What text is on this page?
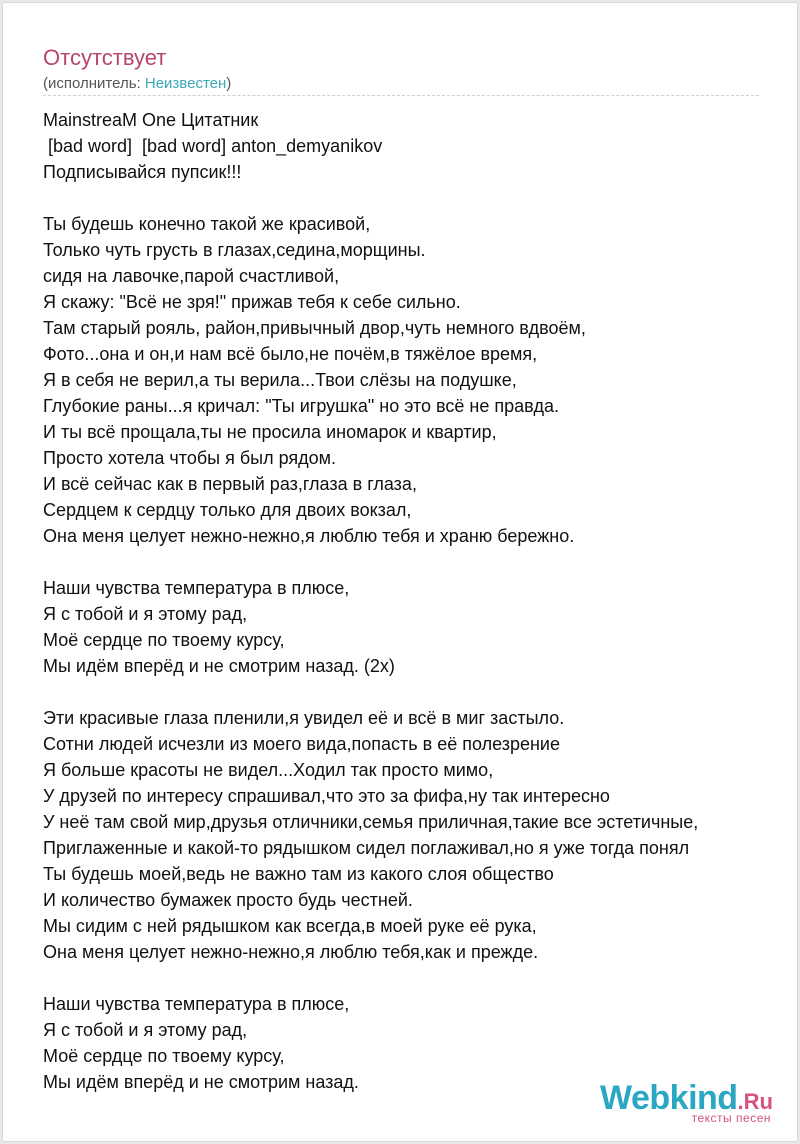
Отсутствует
(исполнитель: Неизвестен)
MainstreaM One Цитатник
[bad word]  [bad word] anton_demyanikov
Подписывайся пупсик!!!
Ты будешь конечно такой же красивой,
Только чуть грусть в глазах,седина,морщины.
сидя на лавочке,парой счастливой,
Я скажу: "Всё не зря!" прижав тебя к себе сильно.
Там старый рояль, район,привычный двор,чуть немного вдвоём,
Фото...она и он,и нам всё было,не почём,в тяжёлое время,
Я в себя не верил,а ты верила...Твои слёзы на подушке,
Глубокие раны...я кричал: "Ты игрушка" но это всё не правда.
И ты всё прощала,ты не просила иномарок и квартир,
Просто хотела чтобы я был рядом.
И всё сейчас как в первый раз,глаза в глаза,
Сердцем к сердцу только для двоих вокзал,
Она меня целует нежно-нежно,я люблю тебя и храню бережно.
Наши чувства температура в плюсе,
Я с тобой и я этому рад,
Моё сердце по твоему курсу,
Мы идём вперёд и не смотрим назад. (2x)
Эти красивые глаза пленили,я увидел её и всё в миг застыло.
Сотни людей исчезли из моего вида,попасть в её полезрение
Я больше красоты не видел...Ходил так просто мимо,
У друзей по интересу спрашивал,что это за фифа,ну так интересно
У неё там свой мир,друзья отличники,семья приличная,такие все эстетичные,
Приглаженные и какой-то рядышком сидел поглаживал,но я уже тогда понял
Ты будешь моей,ведь не важно там из какого слоя общество
И количество бумажек просто будь честней.
Мы сидим с ней рядышком как всегда,в моей руке её рука,
Она меня целует нежно-нежно,я люблю тебя,как и прежде.
Наши чувства температура в плюсе,
Я с тобой и я этому рад,
Моё сердце по твоему курсу,
Мы идём вперёд и не смотрим назад.	Webkind.Ru
тексты песен
